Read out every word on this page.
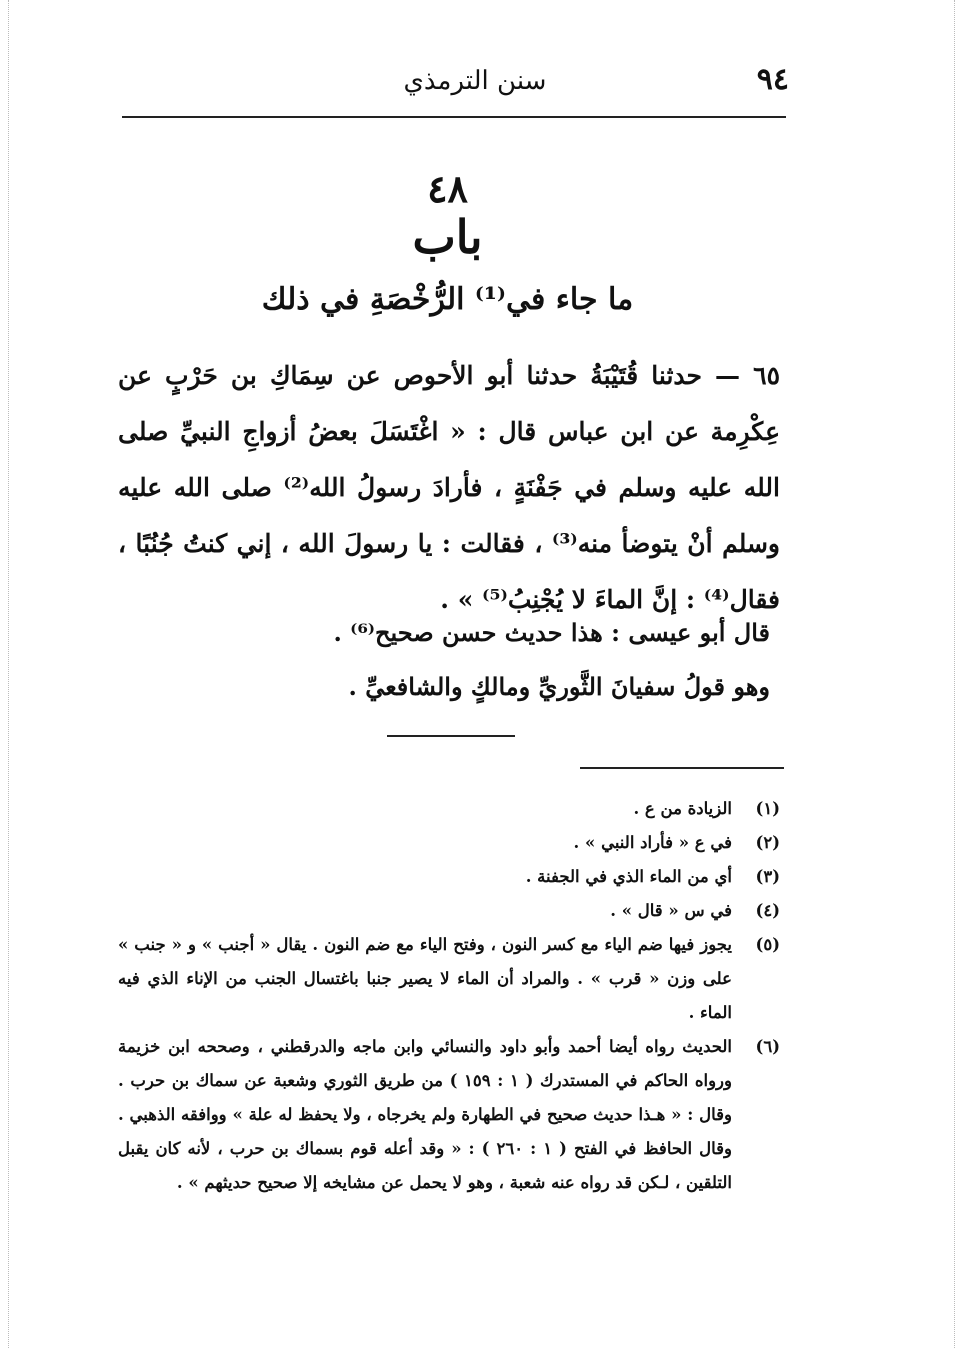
سنن الترمذي	٩٤
٤٨
باب
ما جاء في⁽¹⁾ الرُّخْصَةِ في ذلك
٦٥ — حدثنا قُتَيْبَةُ حدثنا أبو الأحوص عن سِمَاكِ بن حَرْبٍ عن عِكْرِمة عن ابن عباس قال : « اغْتَسَلَ بعضُ أزواجِ النبيِّ صلى الله عليه وسلم في جَفْنَةٍ ، فأرادَ رسولُ الله⁽²⁾ صلى الله عليه وسلم أنْ يتوضأ منه⁽³⁾ ، فقالت : يا رسولَ الله ، إني كنتُ جُنُبًا ، فقال⁽⁴⁾ : إنَّ الماءَ لا يُجْنِبُ⁽⁵⁾ » .
قال أبو عيسى : هذا حديث حسن صحيح⁽⁶⁾ .
وهو قولُ سفيانَ الثَّوريِّ ومالكٍ والشافعيِّ .
(١)
الزيادة من ع .
(٢)
في ع « فأراد النبي » .
(٣)
أي من الماء الذي في الجفنة .
(٤)
في س « قال » .
(٥)
يجوز فيها ضم الياء مع كسر النون ، وفتح الياء مع ضم النون . يقال « أجنب » و « جنب » على وزن « قرب » . والمراد أن الماء لا يصير جنبا باغتسال الجنب من الإناء الذي فيه الماء .
(٦)
الحديث رواه أيضا أحمد وأبو داود والنسائي وابن ماجه والدرقطني ، وصححه ابن خزيمة ورواه الحاكم في المستدرك ( ١ : ١٥٩ ) من طريق الثوري وشعبة عن سماك بن حرب . وقال : « هـذا حديث صحيح في الطهارة ولم يخرجاه ، ولا يحفظ له علة » ووافقه الذهبي . وقال الحافظ في الفتح ( ١ : ٢٦٠ ) : « وقد أعله قوم بسماك بن حرب ، لأنه كان يقبل التلقين ، لـكن قد رواه عنه شعبة ، وهو لا يحمل عن مشايخه إلا صحيح حديثهم » .
